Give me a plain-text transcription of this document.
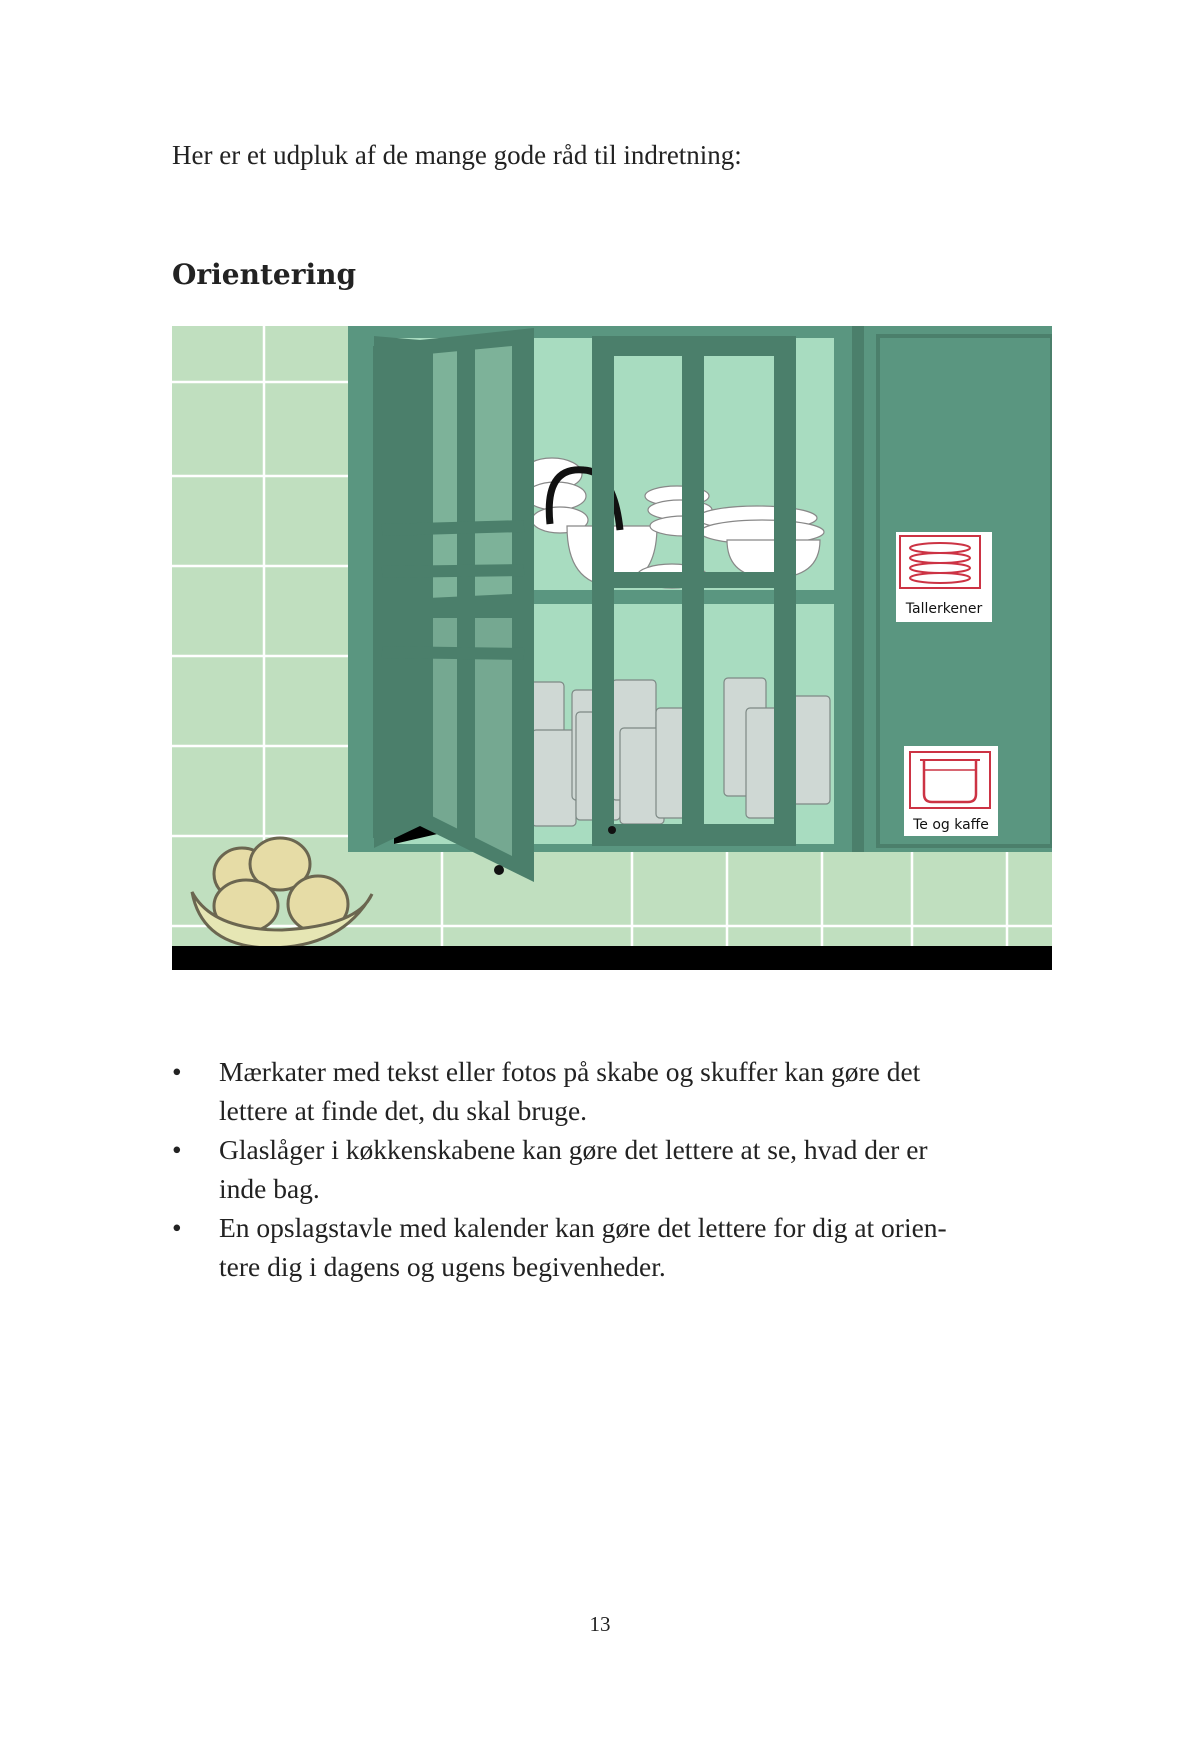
Her er et udpluk af de mange gode råd til indretning:

Orientering
Tallerkener
Te og kaffe
• Mærkater med tekst eller fotos på skabe og skuffer kan gøre det
lettere at finde det, du skal bruge.
• Glaslåger i køkkenskabene kan gøre det lettere at se, hvad der er
inde bag.
• En opslagstavle med kalender kan gøre det lettere for dig at orien-
tere dig i dagens og ugens begivenheder.
13
